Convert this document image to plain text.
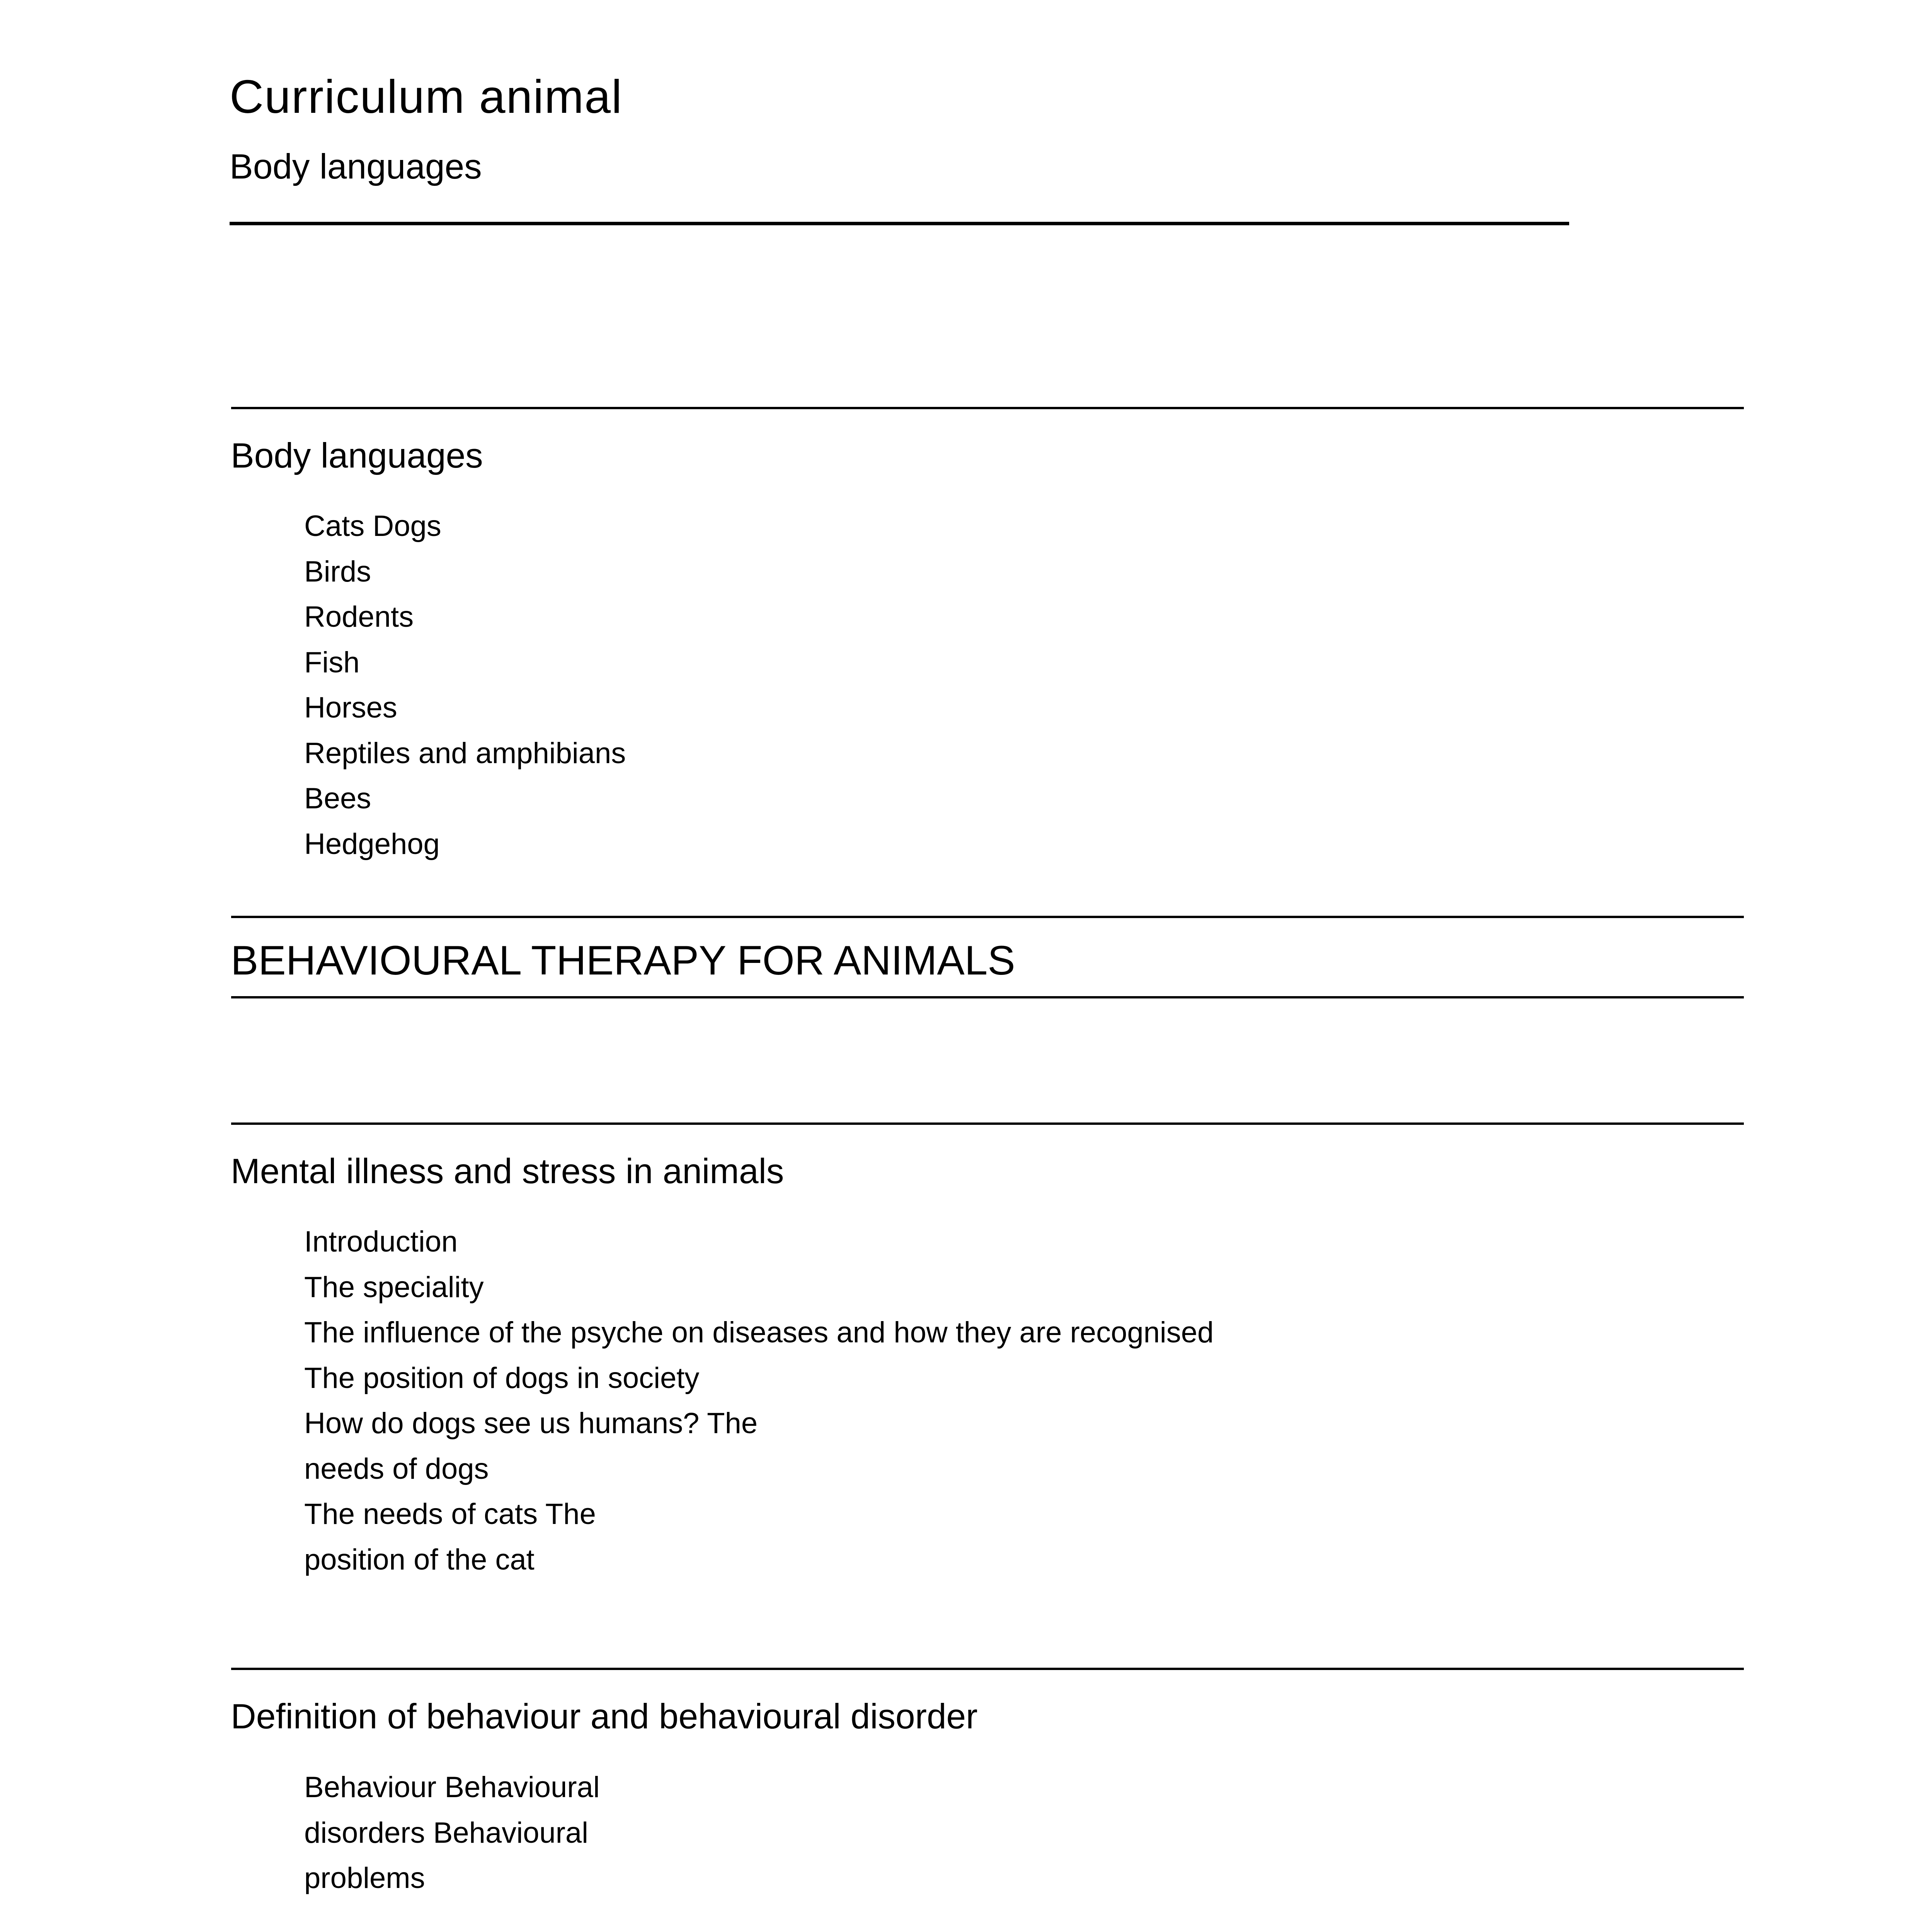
Curriculum animal
Body languages
Body languages
Cats Dogs
Birds
Rodents
Fish
Horses
Reptiles and amphibians
Bees
Hedgehog
BEHAVIOURAL THERAPY FOR ANIMALS
Mental illness and stress in animals
Introduction
The speciality
The influence of the psyche on diseases and how they are recognised
The position of dogs in society
How do dogs see us humans? The
needs of dogs
The needs of cats The
position of the cat
Definition of behaviour and behavioural disorder
Behaviour Behavioural
disorders Behavioural
problems
